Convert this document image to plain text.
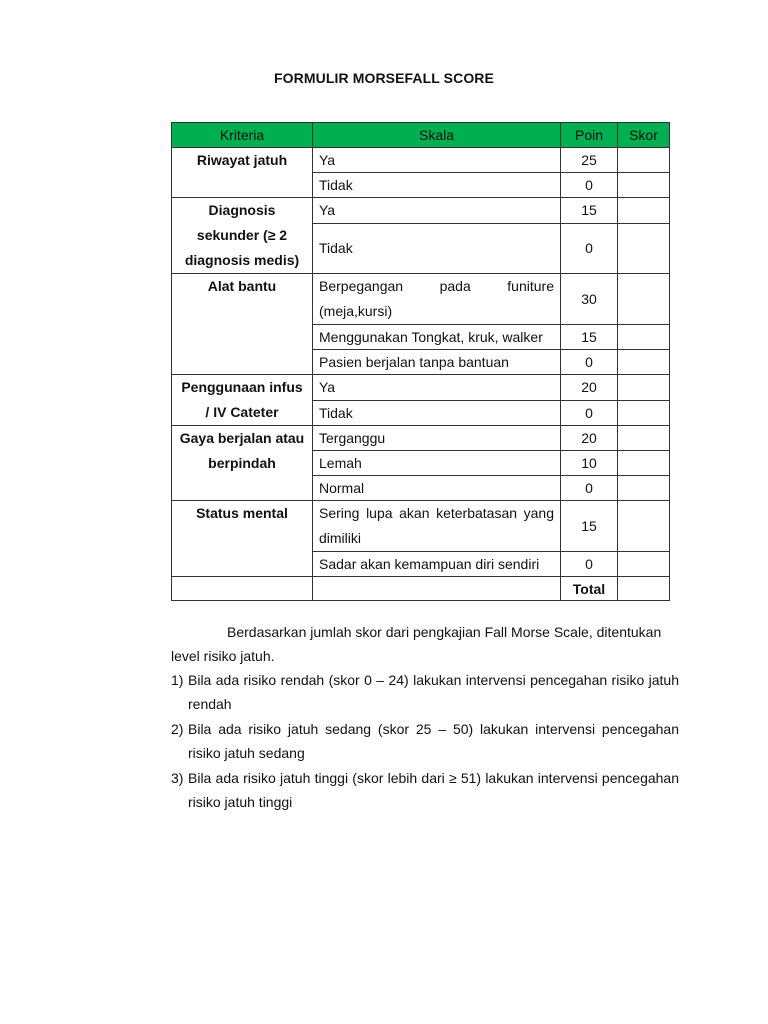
FORMULIR MORSEFALL SCORE
Kriteria	Skala	Poin	Skor
Riwayat jatuh	Ya	25	
	Tidak	0	
Diagnosis sekunder (≥ 2 diagnosis medis)	Ya	15	
	Tidak	0	
Alat bantu	Berpegangan pada funiture (meja,kursi)	30	
	Menggunakan Tongkat, kruk, walker	15	
	Pasien berjalan tanpa bantuan	0	
Penggunaan infus / IV Cateter	Ya	20	
	Tidak	0	
Gaya berjalan atau berpindah	Terganggu	20	
	Lemah	10	
	Normal	0	
Status mental	Sering lupa akan keterbatasan yang dimiliki	15	
	Sadar akan kemampuan diri sendiri	0	
		Total	
Berdasarkan jumlah skor dari pengkajian Fall Morse Scale, ditentukan level risiko jatuh.
1) Bila ada risiko rendah (skor 0 – 24) lakukan intervensi pencegahan risiko jatuh rendah
2) Bila ada risiko jatuh sedang (skor 25 – 50) lakukan intervensi pencegahan risiko jatuh sedang
3) Bila ada risiko jatuh tinggi (skor lebih dari ≥ 51) lakukan intervensi pencegahan risiko jatuh tinggi
